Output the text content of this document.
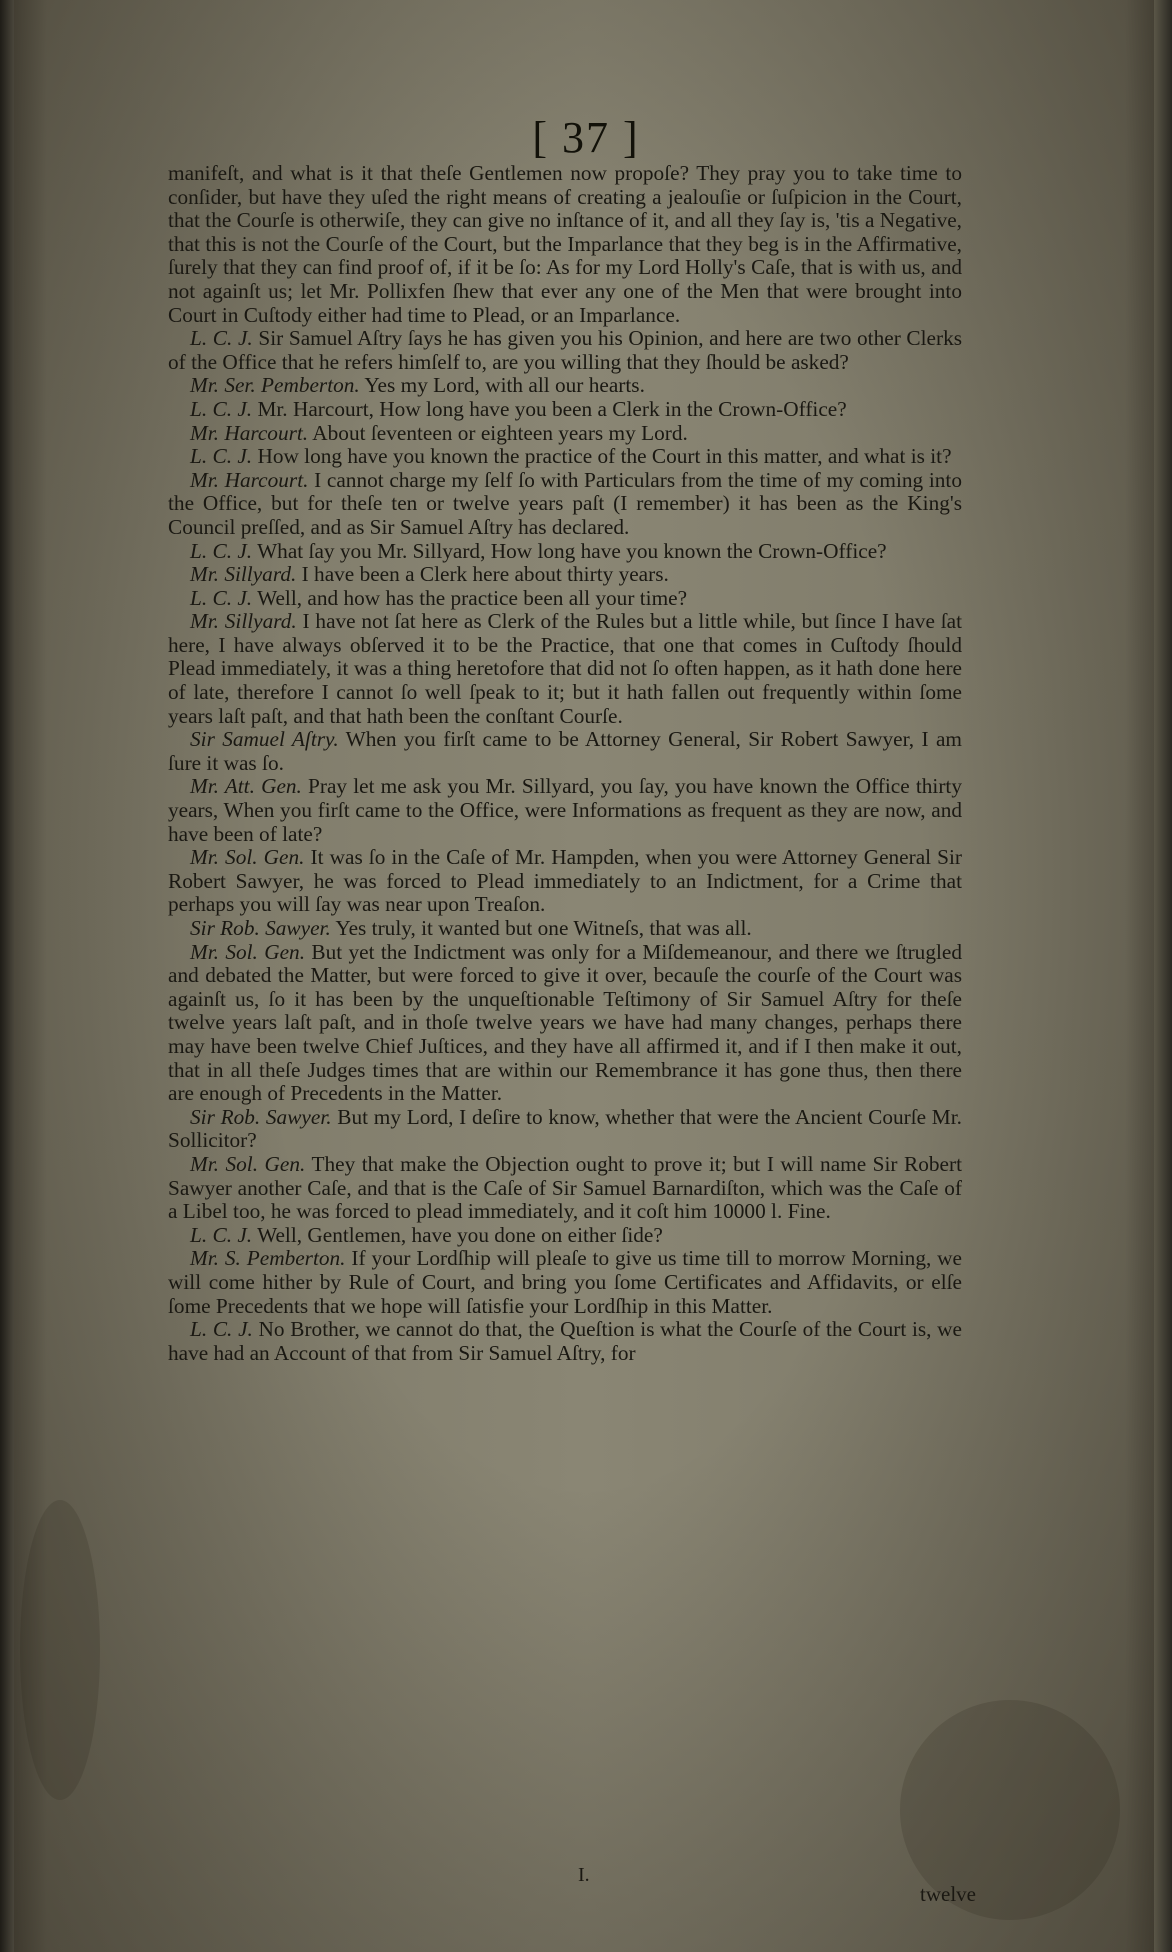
[ 37 ]

manifeſt, and what is it that theſe Gentlemen now propoſe? They pray you to take time to conſider, but have they uſed the right means of creating a jealouſie or ſuſpicion in the Court, that the Courſe is otherwiſe, they can give no inſtance of it, and all they ſay is, 'tis a Negative, that this is not the Courſe of the Court, but the Imparlance that they beg is in the Affirmative, ſurely that they can find proof of, if it be ſo: As for my Lord Holly's Caſe, that is with us, and not againſt us; let Mr. Pollixfen ſhew that ever any one of the Men that were brought into Court in Cuſtody either had time to Plead, or an Imparlance.

L. C. J. Sir Samuel Aſtry ſays he has given you his Opinion, and here are two other Clerks of the Office that he refers himſelf to, are you willing that they ſhould be asked?

Mr. Ser. Pemberton. Yes my Lord, with all our hearts.

L. C. J. Mr. Harcourt, How long have you been a Clerk in the Crown-Office?

Mr. Harcourt. About ſeventeen or eighteen years my Lord.

L. C. J. How long have you known the practice of the Court in this matter, and what is it?

Mr. Harcourt. I cannot charge my ſelf ſo with Particulars from the time of my coming into the Office, but for theſe ten or twelve years paſt (I remember) it has been as the King's Council preſſed, and as Sir Samuel Aſtry has declared.

L. C. J. What ſay you Mr. Sillyard, How long have you known the Crown-Office?

Mr. Sillyard. I have been a Clerk here about thirty years.

L. C. J. Well, and how has the practice been all your time?

Mr. Sillyard. I have not ſat here as Clerk of the Rules but a little while, but ſince I have ſat here, I have always obſerved it to be the Practice, that one that comes in Cuſtody ſhould Plead immediately, it was a thing heretofore that did not ſo often happen, as it hath done here of late, therefore I cannot ſo well ſpeak to it; but it hath fallen out frequently within ſome years laſt paſt, and that hath been the conſtant Courſe.

Sir Samuel Aſtry. When you firſt came to be Attorney General, Sir Robert Sawyer, I am ſure it was ſo.

Mr. Att. Gen. Pray let me ask you Mr. Sillyard, you ſay, you have known the Office thirty years, When you firſt came to the Office, were Informations as frequent as they are now, and have been of late?

Mr. Sol. Gen. It was ſo in the Caſe of Mr. Hampden, when you were Attorney General Sir Robert Sawyer, he was forced to Plead immediately to an Indictment, for a Crime that perhaps you will ſay was near upon Treaſon.

Sir Rob. Sawyer. Yes truly, it wanted but one Witneſs, that was all.

Mr. Sol. Gen. But yet the Indictment was only for a Miſdemeanour, and there we ſtrugled and debated the Matter, but were forced to give it over, becauſe the courſe of the Court was againſt us, ſo it has been by the unqueſtionable Teſtimony of Sir Samuel Aſtry for theſe twelve years laſt paſt, and in thoſe twelve years we have had many changes, perhaps there may have been twelve Chief Juſtices, and they have all affirmed it, and if I then make it out, that in all theſe Judges times that are within our Remembrance it has gone thus, then there are enough of Precedents in the Matter.

Sir Rob. Sawyer. But my Lord, I deſire to know, whether that were the Ancient Courſe Mr. Sollicitor?

Mr. Sol. Gen. They that make the Objection ought to prove it; but I will name Sir Robert Sawyer another Caſe, and that is the Caſe of Sir Samuel Barnardiſton, which was the Caſe of a Libel too, he was forced to plead immediately, and it coſt him 10000 l. Fine.

L. C. J. Well, Gentlemen, have you done on either ſide?

Mr. S. Pemberton. If your Lordſhip will pleaſe to give us time till to morrow Morning, we will come hither by Rule of Court, and bring you ſome Certificates and Affidavits, or elſe ſome Precedents that we hope will ſatisfie your Lordſhip in this Matter.

L. C. J. No Brother, we cannot do that, the Queſtion is what the Courſe of the Court is, we have had an Account of that from Sir Samuel Aſtry, for

I.
twelve
